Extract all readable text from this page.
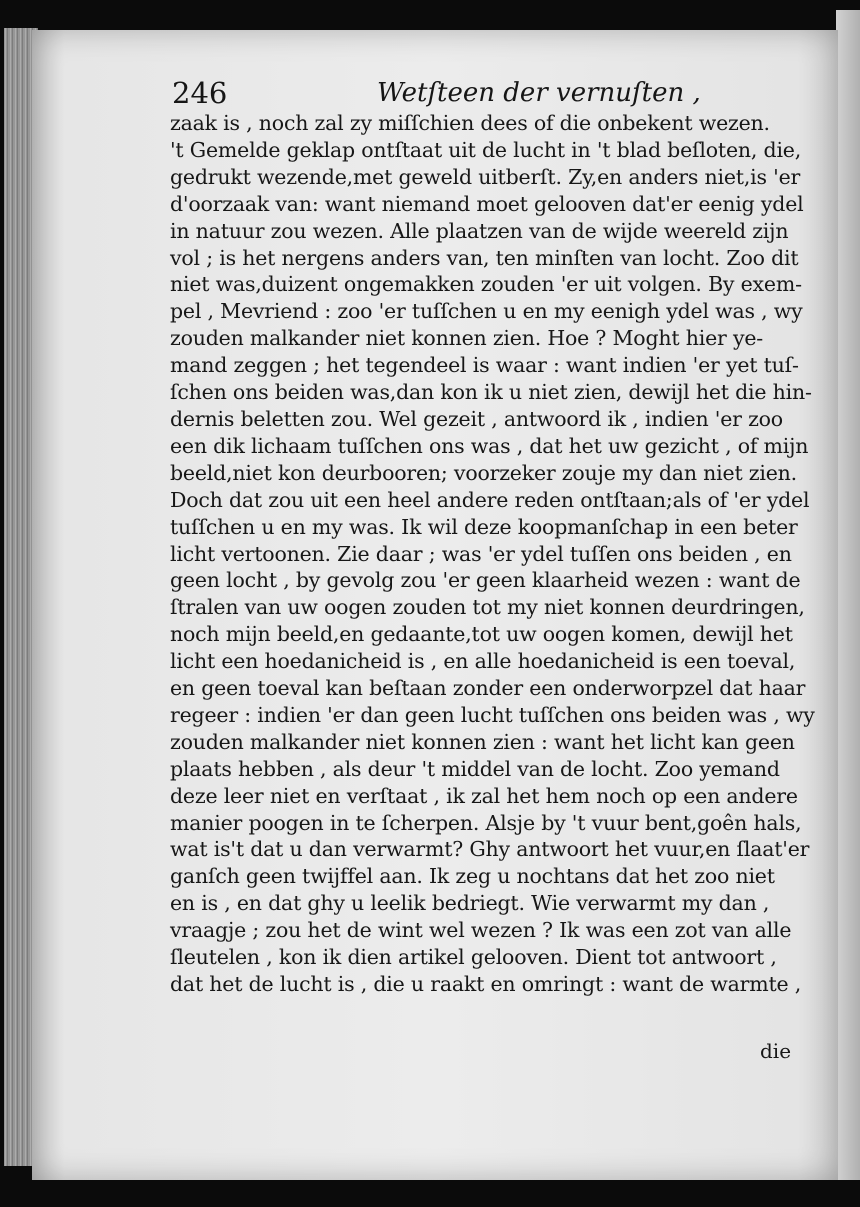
246	Wetſteen der vernuſten ,
zaak is , noch zal zy miſſchien dees of die onbekent wezen.
't Gemelde geklap ontſtaat uit de lucht in 't blad beſloten, die,
gedrukt wezende,met geweld uitberſt. Zy,en anders niet,is 'er
d'oorzaak van: want niemand moet gelooven dat'er eenig ydel
in natuur zou wezen. Alle plaatzen van de wijde weereld zijn
vol ; is het nergens anders van, ten minſten van locht. Zoo dit
niet was,duizent ongemakken zouden 'er uit volgen. By exem-
pel , Mevriend : zoo 'er tuſſchen u en my eenigh ydel was , wy
zouden malkander niet konnen zien. Hoe ? Moght hier ye-
mand zeggen ; het tegendeel is waar : want indien 'er yet tuſ-
ſchen ons beiden was,dan kon ik u niet zien, dewijl het die hin-
dernis beletten zou. Wel gezeit , antwoord ik , indien 'er zoo
een dik lichaam tuſſchen ons was , dat het uw gezicht , of mijn
beeld,niet kon deurbooren; voorzeker zouje my dan niet zien.
Doch dat zou uit een heel andere reden ontſtaan;als of 'er ydel
tuſſchen u en my was. Ik wil deze koopmanſchap in een beter
licht vertoonen. Zie daar ; was 'er ydel tuſſen ons beiden , en
geen locht , by gevolg zou 'er geen klaarheid wezen : want de
ſtralen van uw oogen zouden tot my niet konnen deurdringen,
noch mijn beeld,en gedaante,tot uw oogen komen, dewijl het
licht een hoedanicheid is , en alle hoedanicheid is een toeval,
en geen toeval kan beſtaan zonder een onderworpzel dat haar
regeer : indien 'er dan geen lucht tuſſchen ons beiden was , wy
zouden malkander niet konnen zien : want het licht kan geen
plaats hebben , als deur 't middel van de locht. Zoo yemand
deze leer niet en verſtaat , ik zal het hem noch op een andere
manier poogen in te ſcherpen. Alsje by 't vuur bent,goên hals,
wat is't dat u dan verwarmt? Ghy antwoort het vuur,en ſlaat'er
ganſch geen twijffel aan. Ik zeg u nochtans dat het zoo niet
en is , en dat ghy u leelik bedriegt. Wie verwarmt my dan ,
vraagje ; zou het de wint wel wezen ? Ik was een zot van alle
ſleutelen , kon ik dien artikel gelooven. Dient tot antwoort ,
dat het de lucht is , die u raakt en omringt : want de warmte ,
die
